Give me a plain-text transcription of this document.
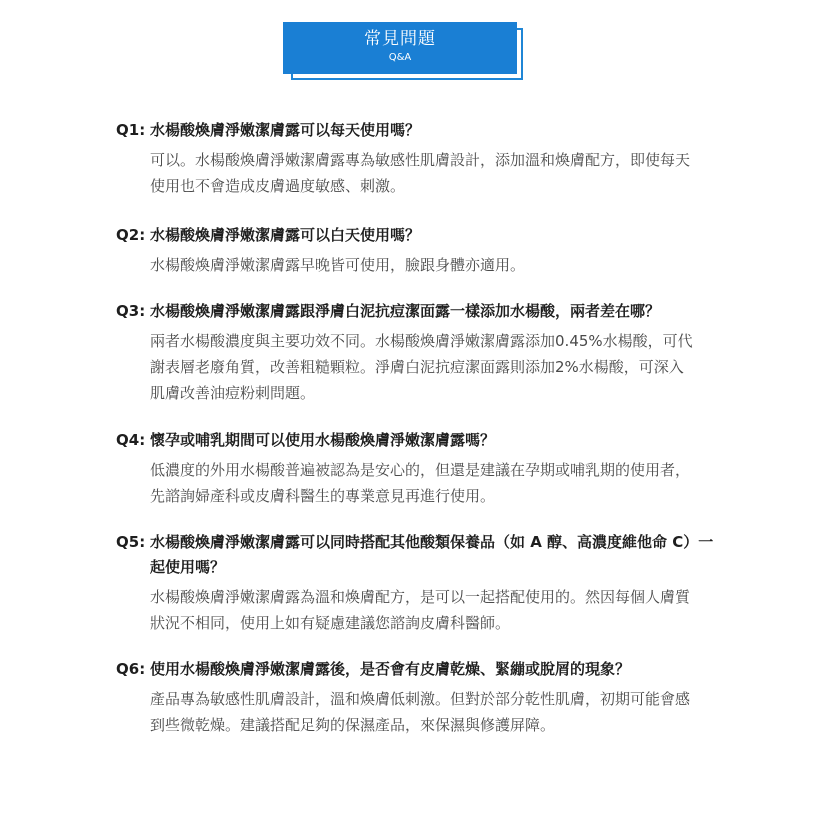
常見問題
Q&A
Q1: 水楊酸煥膚淨嫩潔膚露可以每天使用嗎？
可以。水楊酸煥膚淨嫩潔膚露專為敏感性肌膚設計，添加溫和煥膚配方，即使每天使用也不會造成皮膚過度敏感、刺激。
Q2: 水楊酸煥膚淨嫩潔膚露可以白天使用嗎？
水楊酸煥膚淨嫩潔膚露早晚皆可使用，臉跟身體亦適用。
Q3: 水楊酸煥膚淨嫩潔膚露跟淨膚白泥抗痘潔面露一樣添加水楊酸，兩者差在哪？
兩者水楊酸濃度與主要功效不同。水楊酸煥膚淨嫩潔膚露添加0.45%水楊酸，可代謝表層老廢角質，改善粗糙顆粒。淨膚白泥抗痘潔面露則添加2%水楊酸，可深入肌膚改善油痘粉刺問題。
Q4: 懷孕或哺乳期間可以使用水楊酸煥膚淨嫩潔膚露嗎？
低濃度的外用水楊酸普遍被認為是安心的，但還是建議在孕期或哺乳期的使用者，先諮詢婦產科或皮膚科醫生的專業意見再進行使用。
Q5: 水楊酸煥膚淨嫩潔膚露可以同時搭配其他酸類保養品（如 A 醇、高濃度維他命 C）一起使用嗎？
水楊酸煥膚淨嫩潔膚露為溫和煥膚配方，是可以一起搭配使用的。然因每個人膚質狀況不相同，使用上如有疑慮建議您諮詢皮膚科醫師。
Q6: 使用水楊酸煥膚淨嫩潔膚露後，是否會有皮膚乾燥、緊繃或脫屑的現象？
產品專為敏感性肌膚設計，溫和煥膚低刺激。但對於部分乾性肌膚，初期可能會感到些微乾燥。建議搭配足夠的保濕產品，來保濕與修護屏障。
